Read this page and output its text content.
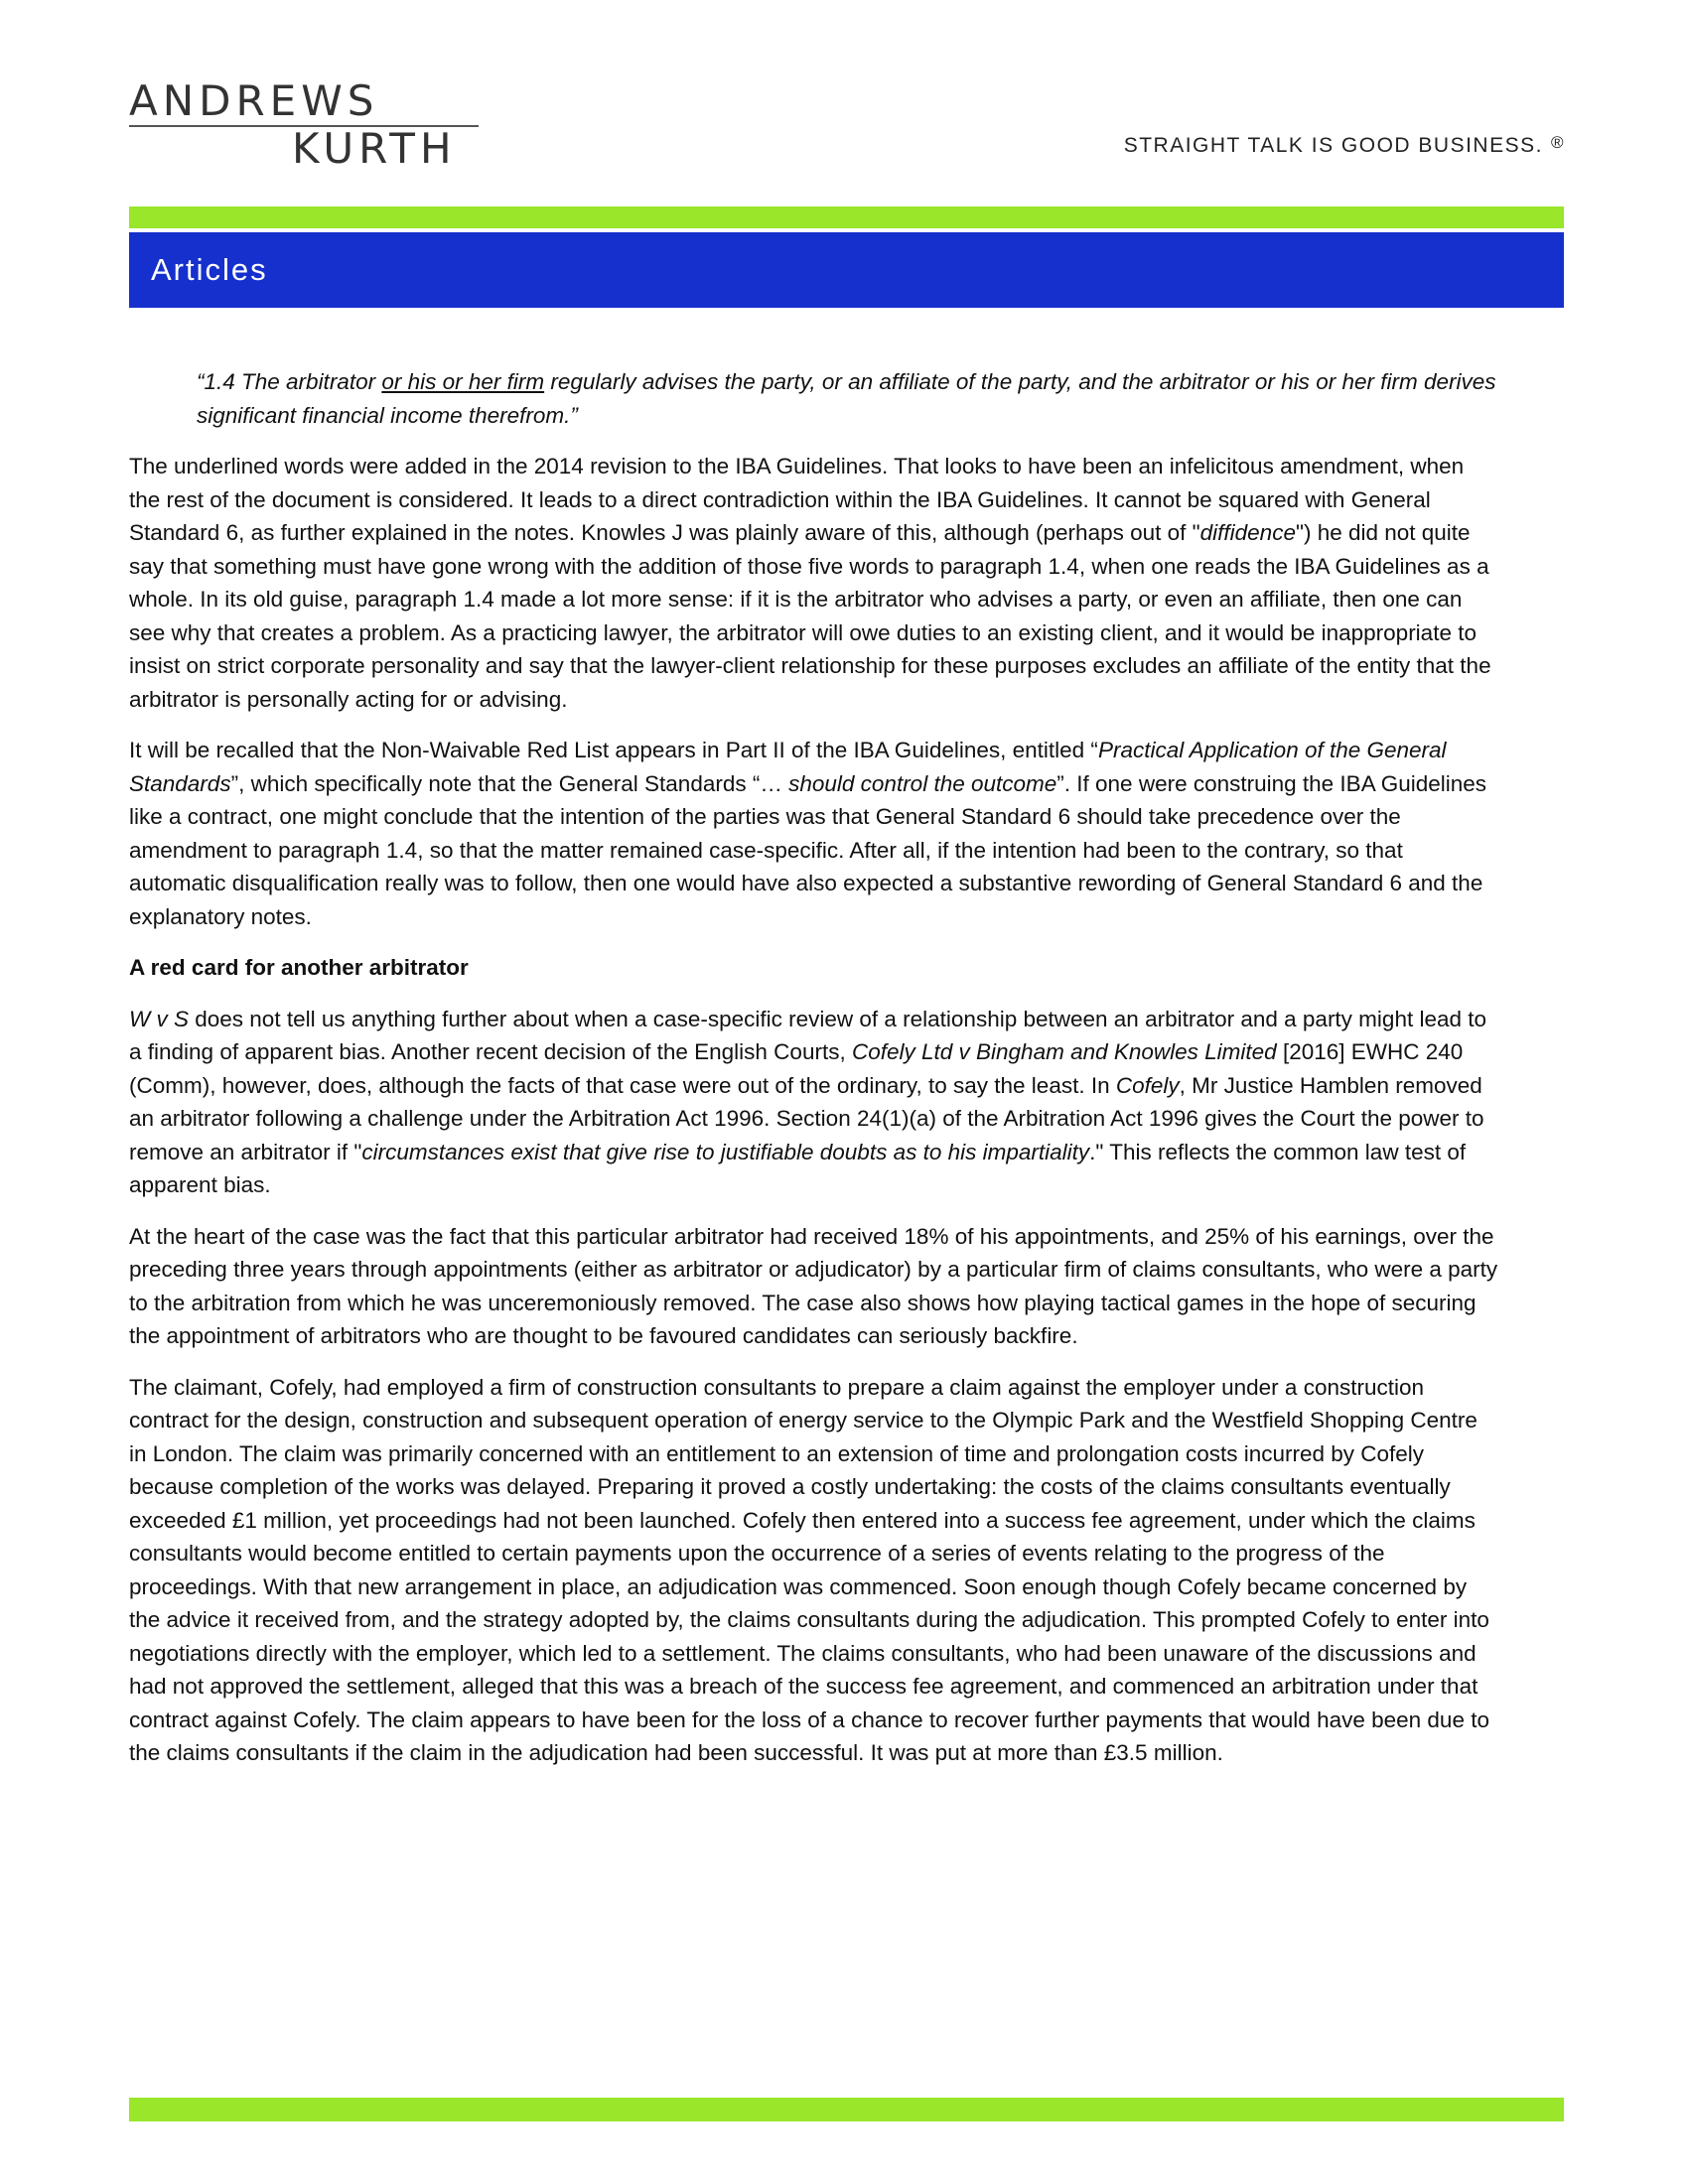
ANDREWS
KURTH	STRAIGHT TALK IS GOOD BUSINESS. ®
Articles

“1.4 The arbitrator or his or her firm regularly advises the party, or an affiliate of the party, and the arbitrator or his or her firm derives significant financial income therefrom.”

The underlined words were added in the 2014 revision to the IBA Guidelines. That looks to have been an infelicitous amendment, when the rest of the document is considered. It leads to a direct contradiction within the IBA Guidelines. It cannot be squared with General Standard 6, as further explained in the notes. Knowles J was plainly aware of this, although (perhaps out of "diffidence") he did not quite say that something must have gone wrong with the addition of those five words to paragraph 1.4, when one reads the IBA Guidelines as a whole. In its old guise, paragraph 1.4 made a lot more sense: if it is the arbitrator who advises a party, or even an affiliate, then one can see why that creates a problem. As a practicing lawyer, the arbitrator will owe duties to an existing client, and it would be inappropriate to insist on strict corporate personality and say that the lawyer-client relationship for these purposes excludes an affiliate of the entity that the arbitrator is personally acting for or advising.

It will be recalled that the Non-Waivable Red List appears in Part II of the IBA Guidelines, entitled “Practical Application of the General Standards”, which specifically note that the General Standards “… should control the outcome”. If one were construing the IBA Guidelines like a contract, one might conclude that the intention of the parties was that General Standard 6 should take precedence over the amendment to paragraph 1.4, so that the matter remained case-specific. After all, if the intention had been to the contrary, so that automatic disqualification really was to follow, then one would have also expected a substantive rewording of General Standard 6 and the explanatory notes.

A red card for another arbitrator

W v S does not tell us anything further about when a case-specific review of a relationship between an arbitrator and a party might lead to a finding of apparent bias. Another recent decision of the English Courts, Cofely Ltd v Bingham and Knowles Limited [2016] EWHC 240 (Comm), however, does, although the facts of that case were out of the ordinary, to say the least. In Cofely, Mr Justice Hamblen removed an arbitrator following a challenge under the Arbitration Act 1996. Section 24(1)(a) of the Arbitration Act 1996 gives the Court the power to remove an arbitrator if "circumstances exist that give rise to justifiable doubts as to his impartiality." This reflects the common law test of apparent bias.

At the heart of the case was the fact that this particular arbitrator had received 18% of his appointments, and 25% of his earnings, over the preceding three years through appointments (either as arbitrator or adjudicator) by a particular firm of claims consultants, who were a party to the arbitration from which he was unceremoniously removed. The case also shows how playing tactical games in the hope of securing the appointment of arbitrators who are thought to be favoured candidates can seriously backfire.

The claimant, Cofely, had employed a firm of construction consultants to prepare a claim against the employer under a construction contract for the design, construction and subsequent operation of energy service to the Olympic Park and the Westfield Shopping Centre in London. The claim was primarily concerned with an entitlement to an extension of time and prolongation costs incurred by Cofely because completion of the works was delayed. Preparing it proved a costly undertaking: the costs of the claims consultants eventually exceeded £1 million, yet proceedings had not been launched. Cofely then entered into a success fee agreement, under which the claims consultants would become entitled to certain payments upon the occurrence of a series of events relating to the progress of the proceedings. With that new arrangement in place, an adjudication was commenced. Soon enough though Cofely became concerned by the advice it received from, and the strategy adopted by, the claims consultants during the adjudication. This prompted Cofely to enter into negotiations directly with the employer, which led to a settlement. The claims consultants, who had been unaware of the discussions and had not approved the settlement, alleged that this was a breach of the success fee agreement, and commenced an arbitration under that contract against Cofely. The claim appears to have been for the loss of a chance to recover further payments that would have been due to the claims consultants if the claim in the adjudication had been successful. It was put at more than £3.5 million.
